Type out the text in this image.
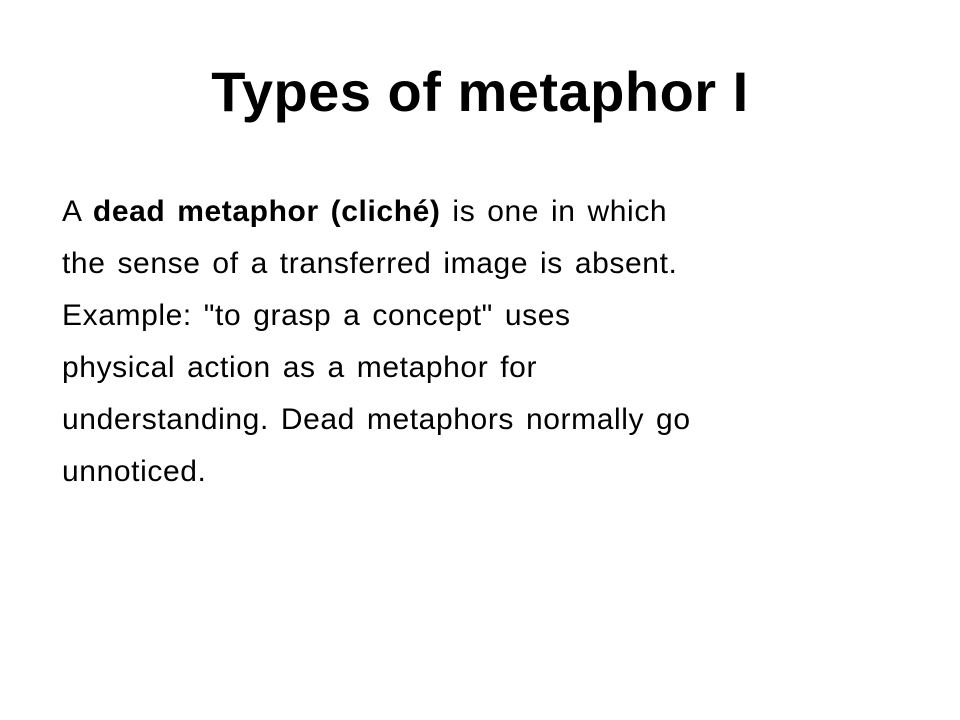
Types of metaphor I
A dead metaphor (cliché) is one in which
the sense of a transferred image is absent.
Example: "to grasp a concept" uses
physical action as a metaphor for
understanding. Dead metaphors normally go
unnoticed.
